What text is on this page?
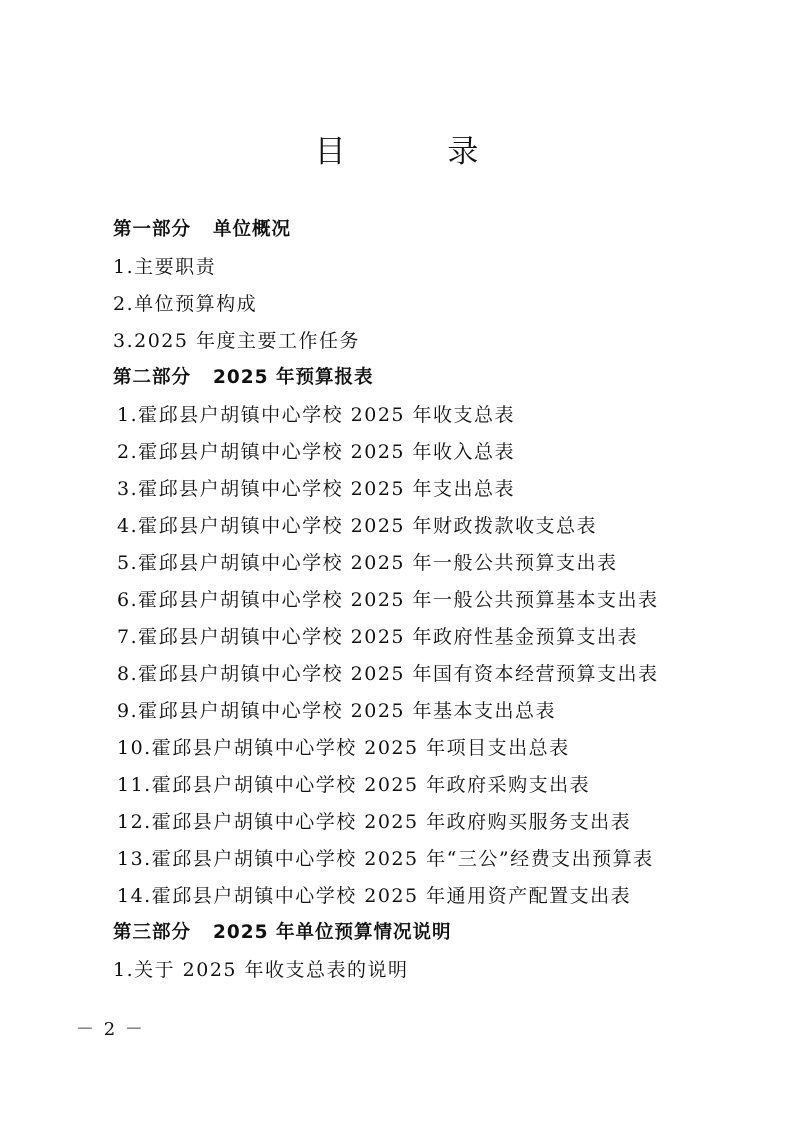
目 录
第一部分 单位概况
1.主要职责
2.单位预算构成
3.2025 年度主要工作任务
第二部分 2025 年预算报表
1.霍邱县户胡镇中心学校 2025 年收支总表
2.霍邱县户胡镇中心学校 2025 年收入总表
3.霍邱县户胡镇中心学校 2025 年支出总表
4.霍邱县户胡镇中心学校 2025 年财政拨款收支总表
5.霍邱县户胡镇中心学校 2025 年一般公共预算支出表
6.霍邱县户胡镇中心学校 2025 年一般公共预算基本支出表
7.霍邱县户胡镇中心学校 2025 年政府性基金预算支出表
8.霍邱县户胡镇中心学校 2025 年国有资本经营预算支出表
9.霍邱县户胡镇中心学校 2025 年基本支出总表
10.霍邱县户胡镇中心学校 2025 年项目支出总表
11.霍邱县户胡镇中心学校 2025 年政府采购支出表
12.霍邱县户胡镇中心学校 2025 年政府购买服务支出表
13.霍邱县户胡镇中心学校 2025 年“三公”经费支出预算表
14.霍邱县户胡镇中心学校 2025 年通用资产配置支出表
第三部分 2025 年单位预算情况说明
1.关于 2025 年收支总表的说明
－ 2 －
